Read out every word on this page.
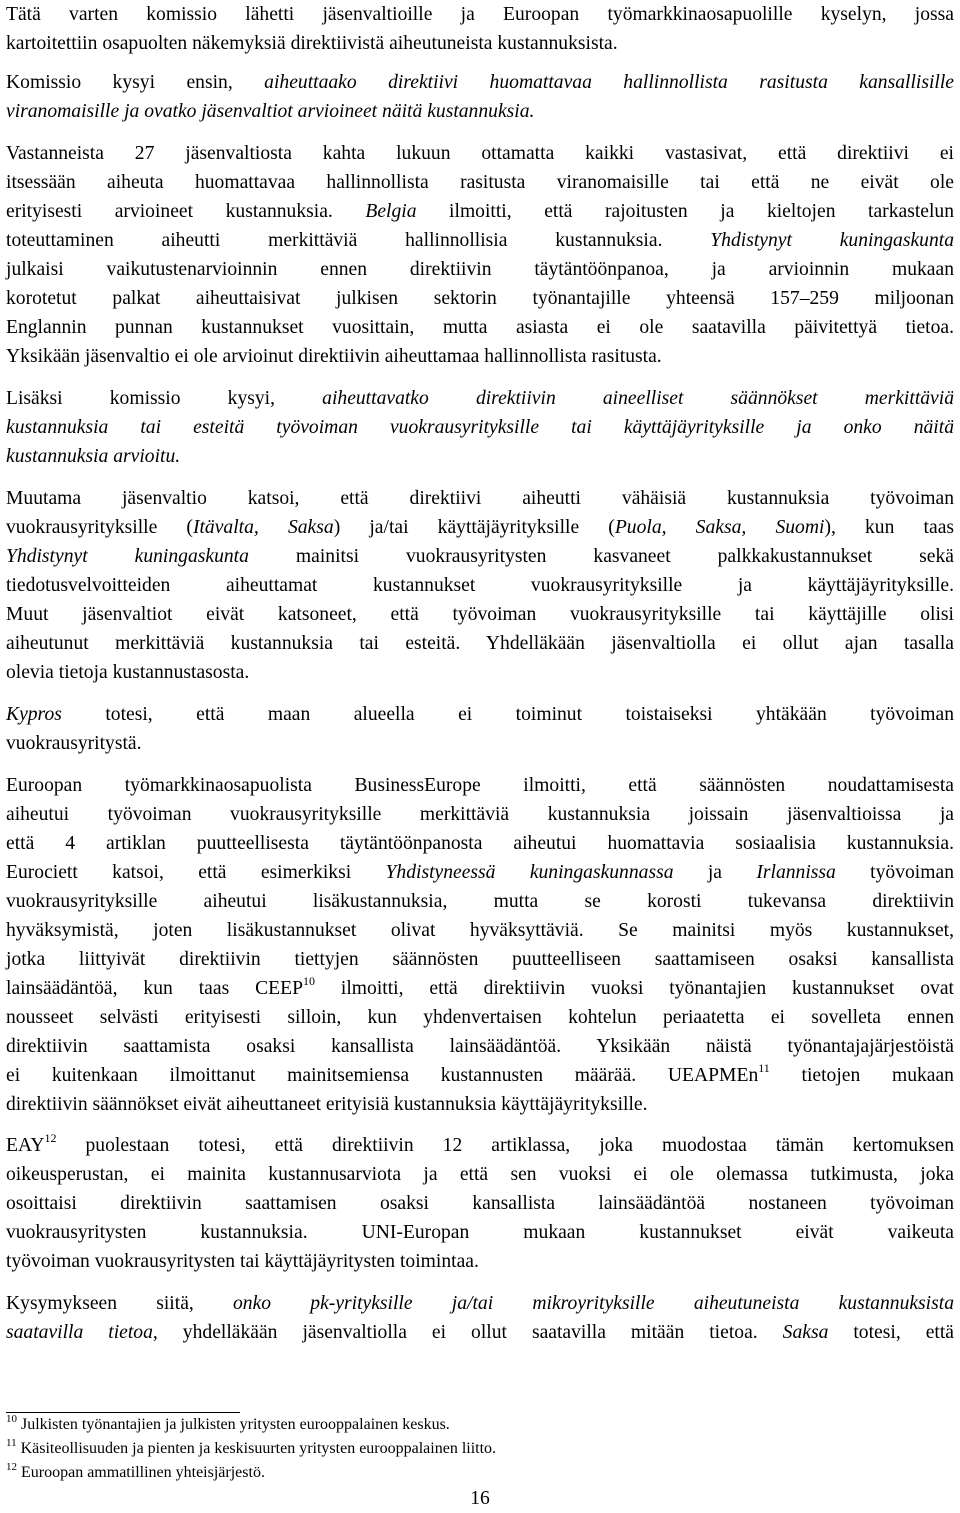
Tätä varten komissio lähetti jäsenvaltioille ja Euroopan työmarkkinaosapuolille kyselyn, jossa
kartoitettiin osapuolten näkemyksiä direktiivistä aiheutuneista kustannuksista.
Komissio kysyi ensin, aiheuttaako direktiivi huomattavaa hallinnollista rasitusta kansallisille
viranomaisille ja ovatko jäsenvaltiot arvioineet näitä kustannuksia.
Vastanneista 27 jäsenvaltiosta kahta lukuun ottamatta kaikki vastasivat, että direktiivi ei
itsessään aiheuta huomattavaa hallinnollista rasitusta viranomaisille tai että ne eivät ole
erityisesti arvioineet kustannuksia. Belgia ilmoitti, että rajoitusten ja kieltojen tarkastelun
toteuttaminen aiheutti merkittäviä hallinnollisia kustannuksia. Yhdistynyt kuningaskunta
julkaisi vaikutustenarvioinnin ennen direktiivin täytäntöönpanoa, ja arvioinnin mukaan
korotetut palkat aiheuttaisivat julkisen sektorin työnantajille yhteensä 157–259 miljoonan
Englannin punnan kustannukset vuosittain, mutta asiasta ei ole saatavilla päivitettyä tietoa.
Yksikään jäsenvaltio ei ole arvioinut direktiivin aiheuttamaa hallinnollista rasitusta.
Lisäksi komissio kysyi, aiheuttavatko direktiivin aineelliset säännökset merkittäviä
kustannuksia tai esteitä työvoiman vuokrausyrityksille tai käyttäjäyrityksille ja onko näitä
kustannuksia arvioitu.
Muutama jäsenvaltio katsoi, että direktiivi aiheutti vähäisiä kustannuksia työvoiman
vuokrausyrityksille (Itävalta, Saksa) ja/tai käyttäjäyrityksille (Puola, Saksa, Suomi), kun taas
Yhdistynyt kuningaskunta mainitsi vuokrausyritysten kasvaneet palkkakustannukset sekä
tiedotusvelvoitteiden aiheuttamat kustannukset vuokrausyrityksille ja käyttäjäyrityksille.
Muut jäsenvaltiot eivät katsoneet, että työvoiman vuokrausyrityksille tai käyttäjille olisi
aiheutunut merkittäviä kustannuksia tai esteitä. Yhdelläkään jäsenvaltiolla ei ollut ajan tasalla
olevia tietoja kustannustasosta.
Kypros totesi, että maan alueella ei toiminut toistaiseksi yhtäkään työvoiman
vuokrausyritystä.
Euroopan työmarkkinaosapuolista BusinessEurope ilmoitti, että säännösten noudattamisesta
aiheutui työvoiman vuokrausyrityksille merkittäviä kustannuksia joissain jäsenvaltioissa ja
että 4 artiklan puutteellisesta täytäntöönpanosta aiheutui huomattavia sosiaalisia kustannuksia.
Eurociett katsoi, että esimerkiksi Yhdistyneessä kuningaskunnassa ja Irlannissa työvoiman
vuokrausyrityksille aiheutui lisäkustannuksia, mutta se korosti tukevansa direktiivin
hyväksymistä, joten lisäkustannukset olivat hyväksyttäviä. Se mainitsi myös kustannukset,
jotka liittyivät direktiivin tiettyjen säännösten puutteelliseen saattamiseen osaksi kansallista
lainsäädäntöä, kun taas CEEP$^{10}$ ilmoitti, että direktiivin vuoksi työnantajien kustannukset ovat
nousseet selvästi erityisesti silloin, kun yhdenvertaisen kohtelun periaatetta ei sovelleta ennen
direktiivin saattamista osaksi kansallista lainsäädäntöä. Yksikään näistä työnantajajärjestöistä
ei kuitenkaan ilmoittanut mainitsemiensa kustannusten määrää. UEAPMEn$^{11}$ tietojen mukaan
direktiivin säännökset eivät aiheuttaneet erityisiä kustannuksia käyttäjäyrityksille.
EAY$^{12}$ puolestaan totesi, että direktiivin 12 artiklassa, joka muodostaa tämän kertomuksen
oikeusperustan, ei mainita kustannusarviota ja että sen vuoksi ei ole olemassa tutkimusta, joka
osoittaisi direktiivin saattamisen osaksi kansallista lainsäädäntöä nostaneen työvoiman
vuokrausyritysten kustannuksia. UNI-Europan mukaan kustannukset eivät vaikeuta
työvoiman vuokrausyritysten tai käyttäjäyritysten toimintaa.
Kysymykseen siitä, onko pk-yrityksille ja/tai mikroyrityksille aiheutuneista kustannuksista
saatavilla tietoa, yhdelläkään jäsenvaltiolla ei ollut saatavilla mitään tietoa. Saksa totesi, että
$^{10}$ Julkisten työnantajien ja julkisten yritysten eurooppalainen keskus.
$^{11}$ Käsiteollisuuden ja pienten ja keskisuurten yritysten eurooppalainen liitto.
$^{12}$ Euroopan ammatillinen yhteisjärjestö.
16
